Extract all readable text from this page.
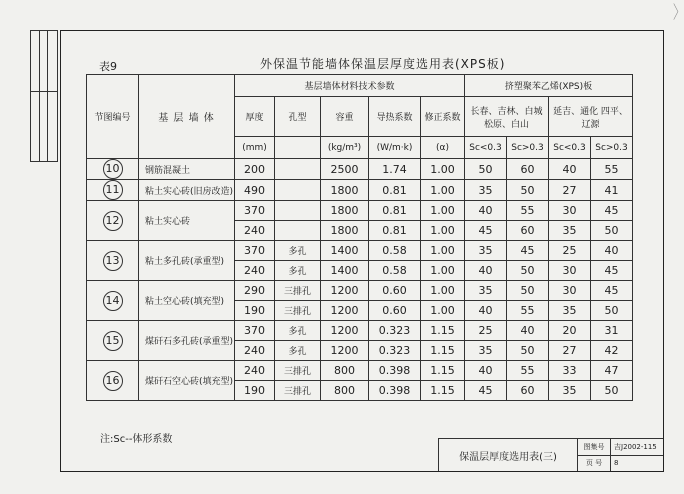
╲
╱
表9	外保温节能墙体保温层厚度选用表(XPS板)
节图编号	基 层 墙 体	基层墙体材料技术参数					挤塑聚苯乙烯(XPS)板			
		厚度	孔型	容重	导热系数	修正系数	长春、吉林、白城 松原、白山		延吉、通化 四平、辽源	
		(mm)		(kg/m³)	(W/m·k)	(α)	Sc<0.3	Sc>0.3	Sc<0.3	Sc>0.3
10	钢筋混凝土	200		2500	1.74	1.00	50	60	40	55
11	粘土实心砖(旧房改造)	490		1800	0.81	1.00	35	50	27	41
12	粘土实心砖	370		1800	0.81	1.00	40	55	30	45
		240		1800	0.81	1.00	45	60	35	50
13	粘土多孔砖(承重型)	370	多孔	1400	0.58	1.00	35	45	25	40
		240	多孔	1400	0.58	1.00	40	50	30	45
14	粘土空心砖(填充型)	290	三排孔	1200	0.60	1.00	35	50	30	45
		190	三排孔	1200	0.60	1.00	40	55	35	50
15	煤矸石多孔砖(承重型)	370	多孔	1200	0.323	1.15	25	40	20	31
		240	多孔	1200	0.323	1.15	35	50	27	42
16	煤矸石空心砖(填充型)	240	三排孔	800	0.398	1.15	40	55	33	47
		190	三排孔	800	0.398	1.15	45	60	35	50
注:Sc--体形系数
保温层厚度选用表(三)
图集号	吉J2002-115
页 号	8
